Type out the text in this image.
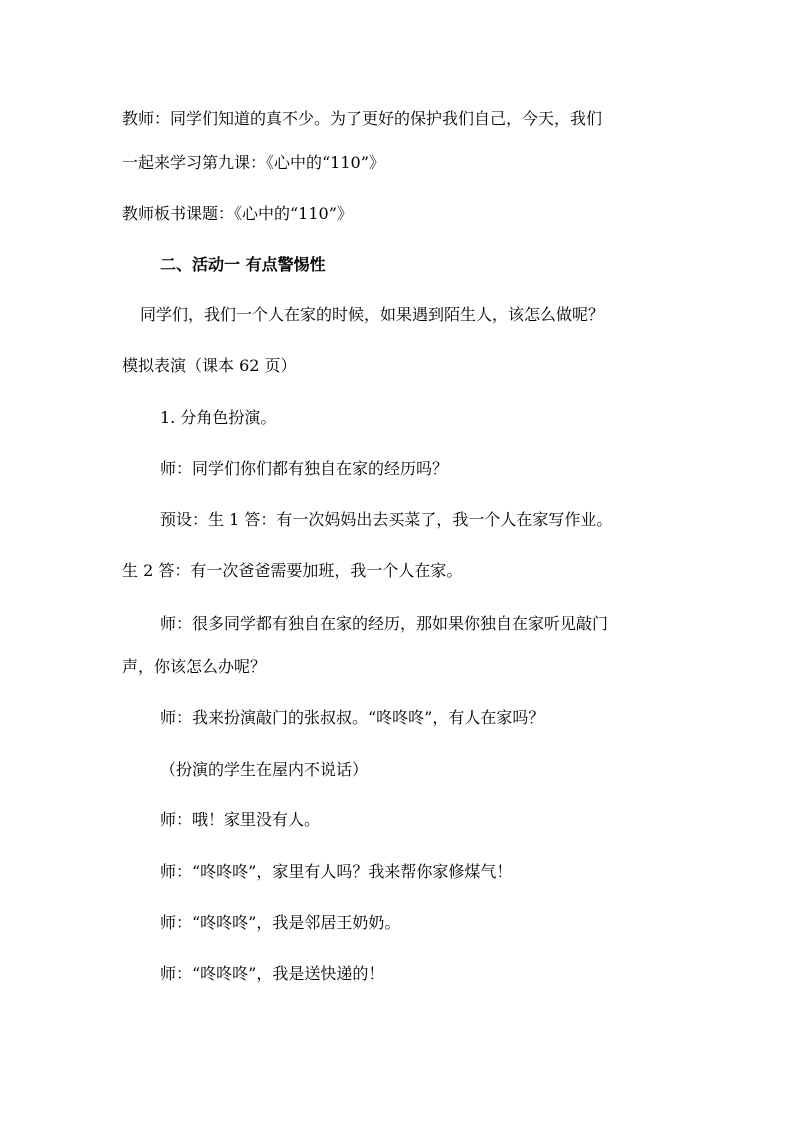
教师：同学们知道的真不少。为了更好的保护我们自己，今天，我们
一起来学习第九课：《心中的“110”》
教师板书课题：《心中的“110”》
二、活动一 有点警惕性
同学们，我们一个人在家的时候，如果遇到陌生人，该怎么做呢？
模拟表演（课本 62 页）
1. 分角色扮演。
师：同学们你们都有独自在家的经历吗？
预设：生 1 答：有一次妈妈出去买菜了，我一个人在家写作业。
生 2 答：有一次爸爸需要加班，我一个人在家。
师：很多同学都有独自在家的经历，那如果你独自在家听见敲门
声，你该怎么办呢？
师：我来扮演敲门的张叔叔。“咚咚咚”，有人在家吗？
（扮演的学生在屋内不说话）
师：哦！家里没有人。
师：“咚咚咚”，家里有人吗？我来帮你家修煤气！
师：“咚咚咚”，我是邻居王奶奶。
师：“咚咚咚”，我是送快递的！
